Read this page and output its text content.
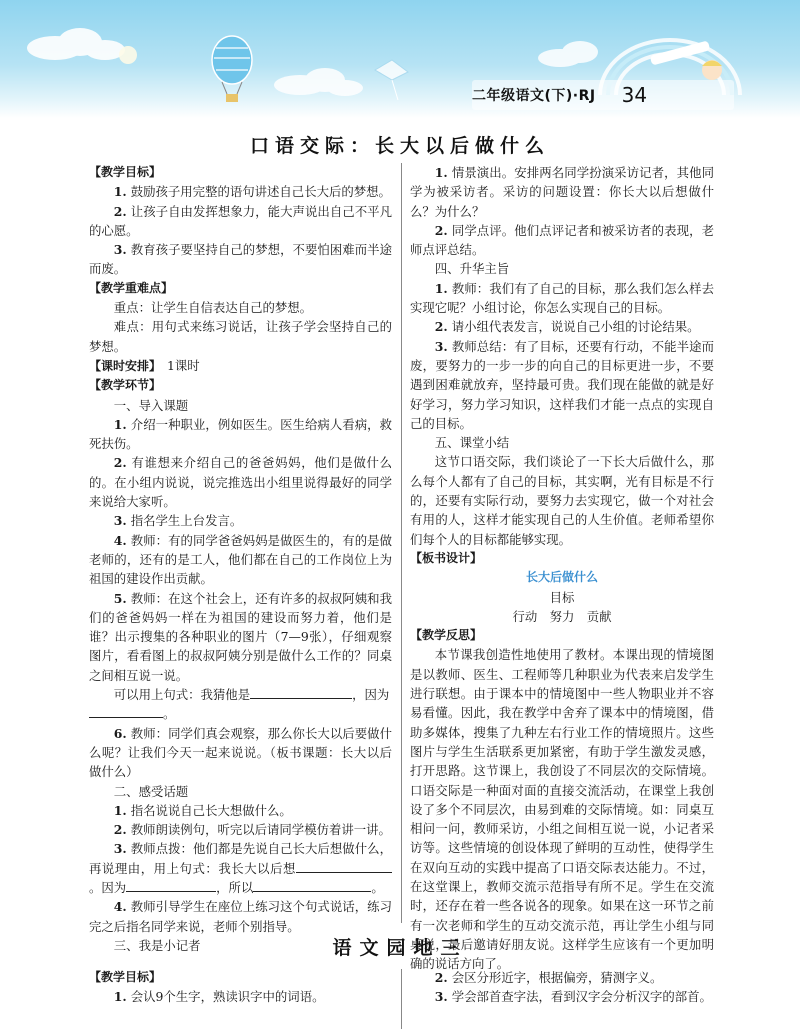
二年级语文(下)·RJ 34
口语交际：长大以后做什么

【教学目标】

1. 鼓励孩子用完整的语句讲述自己长大后的梦想。

2. 让孩子自由发挥想象力，能大声说出自己不平凡的心愿。

3. 教育孩子要坚持自己的梦想，不要怕困难而半途而废。

【教学重难点】

重点：让学生自信表达自己的梦想。

难点：用句式来练习说话，让孩子学会坚持自己的梦想。

【课时安排】 1课时

【教学环节】

一、导入课题

1. 介绍一种职业，例如医生。医生给病人看病，救死扶伤。

2. 有谁想来介绍自己的爸爸妈妈，他们是做什么的。在小组内说说，说完推选出小组里说得最好的同学来说给大家听。

3. 指名学生上台发言。

4. 教师：有的同学爸爸妈妈是做医生的，有的是做老师的，还有的是工人，他们都在自己的工作岗位上为祖国的建设作出贡献。

5. 教师：在这个社会上，还有许多的叔叔阿姨和我们的爸爸妈妈一样在为祖国的建设而努力着，他们是谁？出示搜集的各种职业的图片（7—9张），仔细观察图片，看看图上的叔叔阿姨分别是做什么工作的？同桌之间相互说一说。

可以用上句式：我猜他是	，因为
。

6. 教师：同学们真会观察，那么你长大以后要做什么呢？让我们今天一起来说说。（板书课题：长大以后做什么）

二、感受话题

1. 指名说说自己长大想做什么。

2. 教师朗读例句，听完以后请同学模仿着讲一讲。

3. 教师点拨：他们都是先说自己长大后想做什么，再说理由，用上句式：我长大以后想。因为	，所以	。

4. 教师引导学生在座位上练习这个句式说话，练习完之后指名同学来说，老师个别指导。

三、我是小记者

1. 情景演出。安排两名同学扮演采访记者，其他同学为被采访者。采访的问题设置：你长大以后想做什么？为什么？

2. 同学点评。他们点评记者和被采访者的表现，老师点评总结。

四、升华主旨

1. 教师：我们有了自己的目标，那么我们怎么样去实现它呢？小组讨论，你怎么实现自己的目标。

2. 请小组代表发言，说说自己小组的讨论结果。

3. 教师总结：有了目标，还要有行动，不能半途而废，要努力的一步一步的向自己的目标更进一步，不要遇到困难就放弃，坚持最可贵。我们现在能做的就是好好学习，努力学习知识，这样我们才能一点点的实现自己的目标。

五、课堂小结

这节口语交际，我们谈论了一下长大后做什么，那么每个人都有了自己的目标，其实啊，光有目标是不行的，还要有实际行动，要努力去实现它，做一个对社会有用的人，这样才能实现自己的人生价值。老师希望你们每个人的目标都能够实现。

【板书设计】

长大后做什么

目标

行动　努力　贡献

【教学反思】

本节课我创造性地使用了教材。本课出现的情境图是以教师、医生、工程师等几种职业为代表来启发学生进行联想。由于课本中的情境图中一些人物职业并不容易看懂。因此，我在教学中舍弃了课本中的情境图，借助多媒体，搜集了九种左右行业工作的情境照片。这些图片与学生生活联系更加紧密，有助于学生激发灵感，打开思路。这节课上，我创设了不同层次的交际情境。口语交际是一种面对面的直接交流活动，在课堂上我创设了多个不同层次，由易到难的交际情境。如：同桌互相问一问，教师采访，小组之间相互说一说，小记者采访等。这些情境的创设体现了鲜明的互动性，使得学生在双向互动的实践中提高了口语交际表达能力。不过，在这堂课上，教师交流示范指导有所不足。学生在交流时，还存在着一些各说各的现象。如果在这一环节之前有一次老师和学生的互动交流示范，再让学生小组与同桌说，最后邀请好朋友说。这样学生应该有一个更加明确的说话方向了。

语文园地三

【教学目标】

1. 会认9个生字，熟读识字中的词语。

2. 会区分形近字，根据偏旁，猜测字义。

3. 学会部首查字法，看到汉字会分析汉字的部首。
